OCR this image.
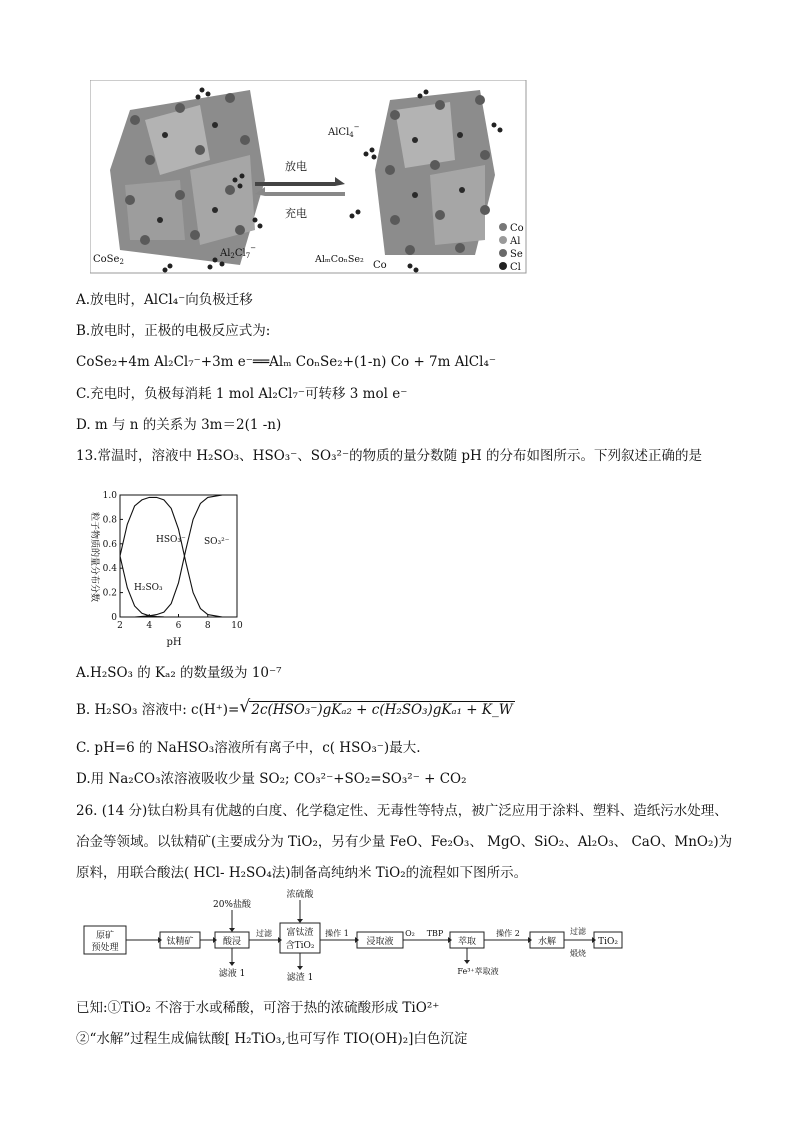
CoSe$_2$
$Al_2Cl_7^-$
放电
充电
AlCl$_4$−
AlₘCoₙSe₂
Co
Co
Al
Se
Cl
A.放电时，AlCl₄⁻向负极迁移
B.放电时，正极的电极反应式为:
CoSe₂+4m Al₂Cl₇⁻+3m e⁻══Alₘ CoₙSe₂+(1-n) Co + 7m AlCl₄⁻
C.充电时，负极每消耗 1 mol Al₂Cl₇⁻可转移 3 mol e⁻
D. m 与 n 的关系为 3m＝2(1 -n)
13.常温时，溶液中 H₂SO₃、HSO₃⁻、SO₃²⁻的物质的量分数随 pH 的分布如图所示。下列叙述正确的是
0
0.2
0.4
0.6
0.8
1.0
2	4	6	8 10
粒子物质的量分布分数
pH
HSO₃⁻ SO₃²⁻
H₂SO₃
A.H₂SO₃ 的 Kₐ₂ 的数量级为 10⁻⁷
B. H₂SO₃ 溶液中: c(H⁺)= √ 2c(HSO₃⁻)gKₐ₂ + c(H₂SO₃)gKₐ₁ + K_W
C. pH=6 的 NaHSO₃溶液所有离子中，c( HSO₃⁻)最大.
D.用 Na₂CO₃浓溶液吸收少量 SO₂; CO₃²⁻+SO₂=SO₃²⁻ + CO₂
26. (14 分)钛白粉具有优越的白度、化学稳定性、无毒性等特点，被广泛应用于涂料、塑料、造纸污水处理、
冶金等领域。以钛精矿(主要成分为 TiO₂，另有少量 FeO、Fe₂O₃、 MgO、SiO₂、Al₂O₃、 CaO、MnO₂)为
原料，用联合酸法( HCl- H₂SO₄法)制备高纯纳米 TiO₂的流程如下图所示。
原矿
预处理
钛精矿	酸浸
富钛渣
含TiO₂	浸取液	萃取	水解	TiO₂
20%盐酸
浓硫酸
过滤	操作 1	O₂ TBP	操作 2	过滤
煅烧
滤液 1	滤渣 1
Fe³⁺萃取液
已知:①TiO₂ 不溶于水或稀酸，可溶于热的浓硫酸形成 TiO²⁺
②“水解”过程生成偏钛酸[ H₂TiO₃,也可写作 TIO(OH)₂]白色沉淀
